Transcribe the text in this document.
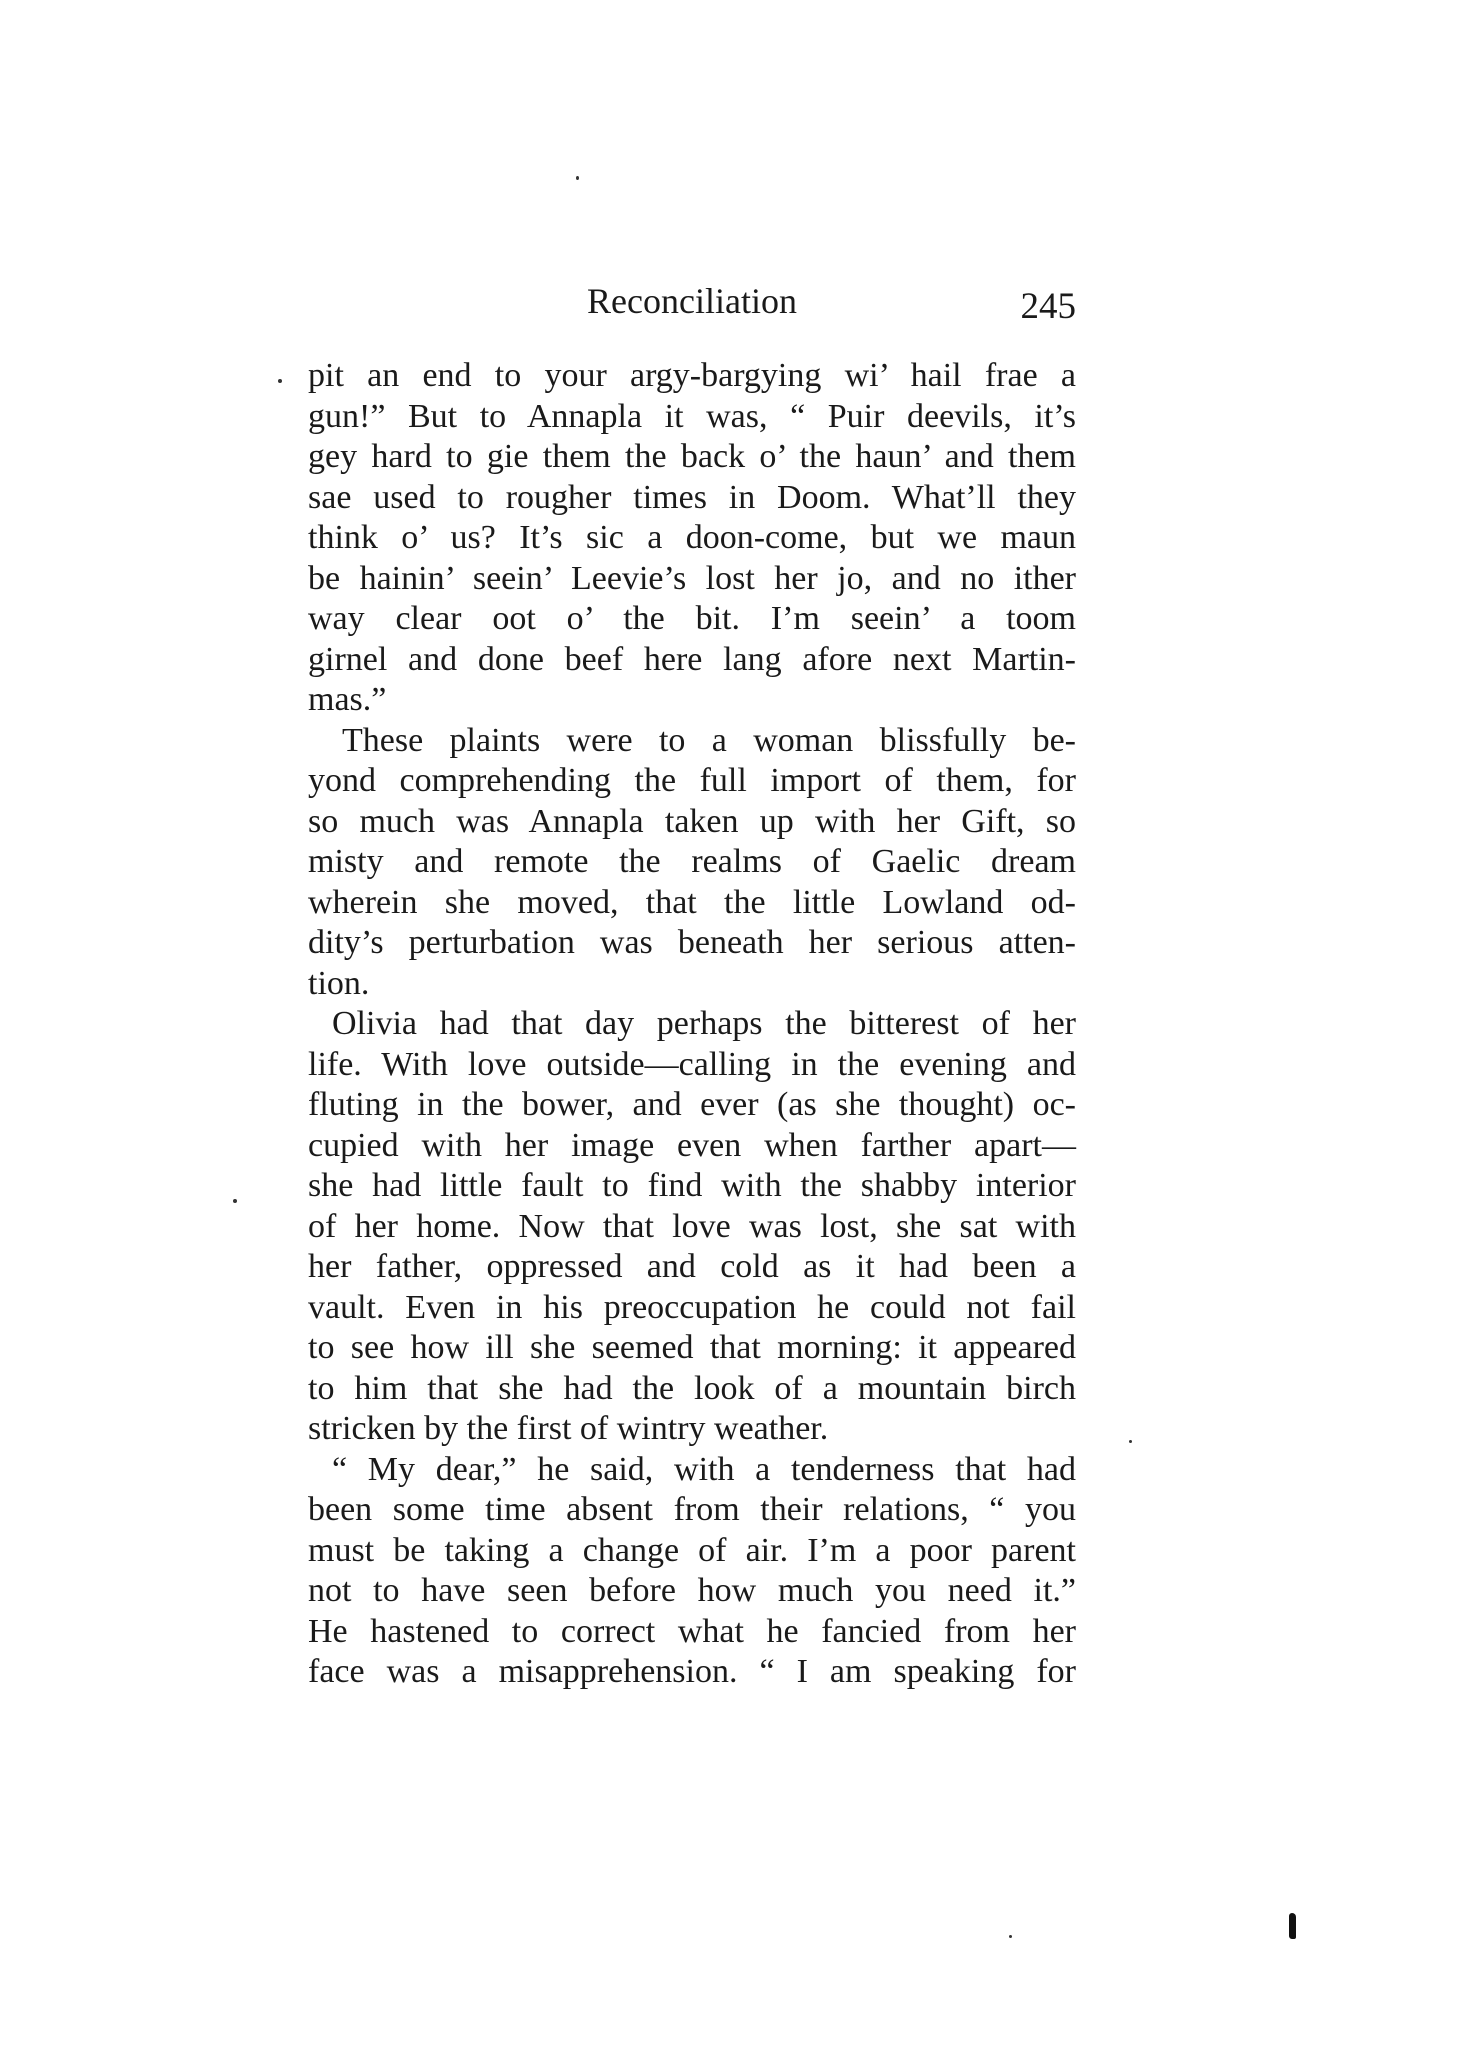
Reconciliation	245
pit an end to your argy-bargying wi’ hail frae a
gun!” But to Annapla it was, “ Puir deevils, it’s
gey hard to gie them the back o’ the haun’ and them
sae used to rougher times in Doom. What’ll they
think o’ us? It’s sic a doon-come, but we maun
be hainin’ seein’ Leevie’s lost her jo, and no ither
way clear oot o’ the bit. I’m seein’ a toom
girnel and done beef here lang afore next Martin-
mas.”
These plaints were to a woman blissfully be-
yond comprehending the full import of them, for
so much was Annapla taken up with her Gift, so
misty and remote the realms of Gaelic dream
wherein she moved, that the little Lowland od-
dity’s perturbation was beneath her serious atten-
tion.
Olivia had that day perhaps the bitterest of her
life. With love outside—calling in the evening and
fluting in the bower, and ever (as she thought) oc-
cupied with her image even when farther apart—
she had little fault to find with the shabby interior
of her home. Now that love was lost, she sat with
her father, oppressed and cold as it had been a
vault. Even in his preoccupation he could not fail
to see how ill she seemed that morning: it appeared
to him that she had the look of a mountain birch
stricken by the first of wintry weather.
“ My dear,” he said, with a tenderness that had
been some time absent from their relations, “ you
must be taking a change of air. I’m a poor parent
not to have seen before how much you need it.”
He hastened to correct what he fancied from her
face was a misapprehension. “ I am speaking for
